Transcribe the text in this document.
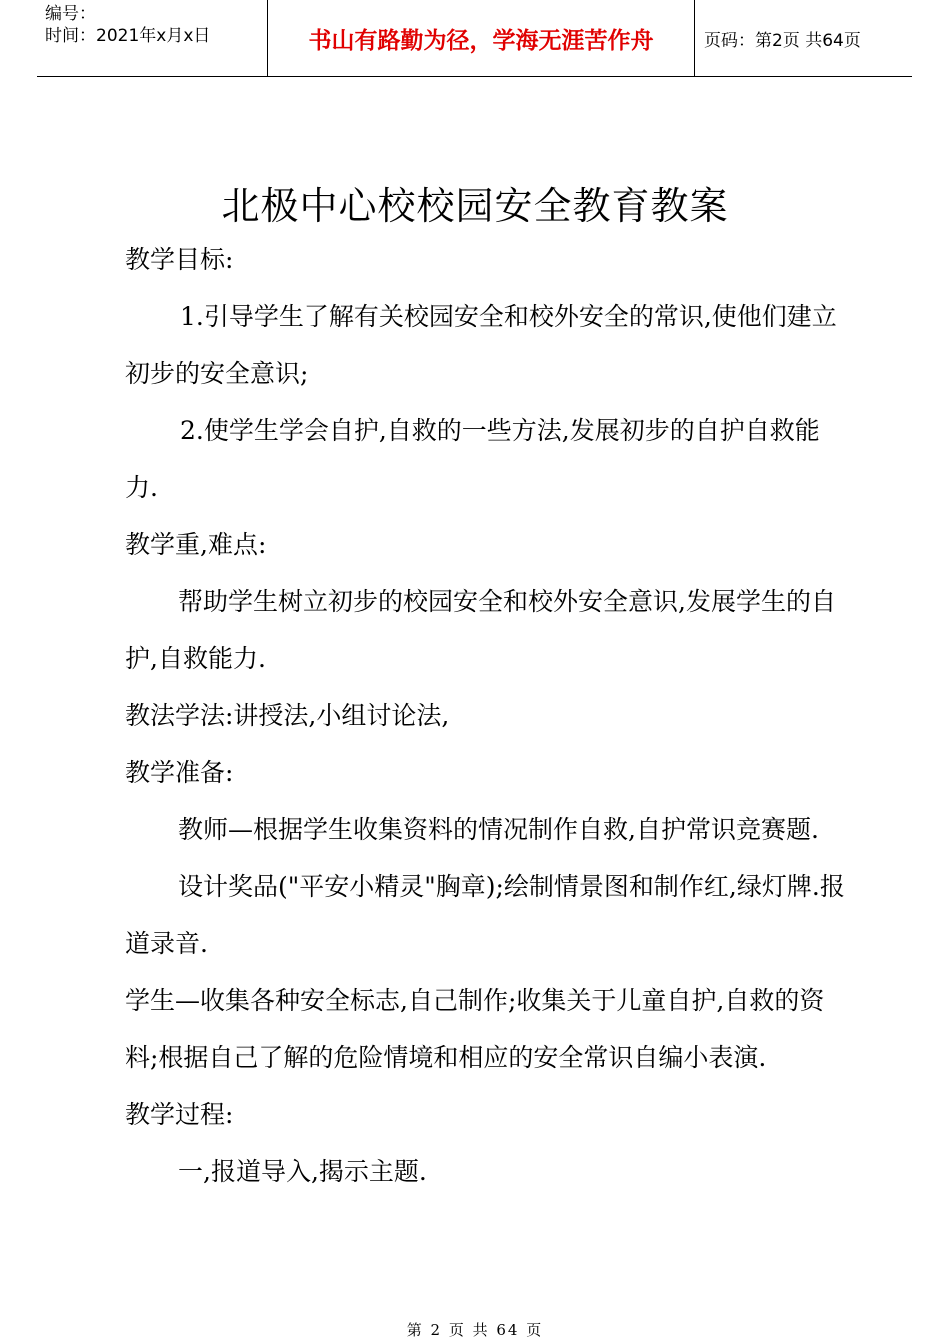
编号：
时间：2021年x月x日	书山有路勤为径，学海无涯苦作舟	页码：第2页 共64页
北极中心校校园安全教育教案
教学目标:
1.引导学生了解有关校园安全和校外安全的常识,使他们建立
初步的安全意识;
2.使学生学会自护,自救的一些方法,发展初步的自护自救能
力.
教学重,难点:
帮助学生树立初步的校园安全和校外安全意识,发展学生的自
护,自救能力.
教法学法:讲授法,小组讨论法,
教学准备:
教师—根据学生收集资料的情况制作自救,自护常识竞赛题.
设计奖品("平安小精灵"胸章);绘制情景图和制作红,绿灯牌.报
道录音.
学生—收集各种安全标志,自己制作;收集关于儿童自护,自救的资
料;根据自己了解的危险情境和相应的安全常识自编小表演.
教学过程:
一,报道导入,揭示主题.
第 2 页 共 64 页
